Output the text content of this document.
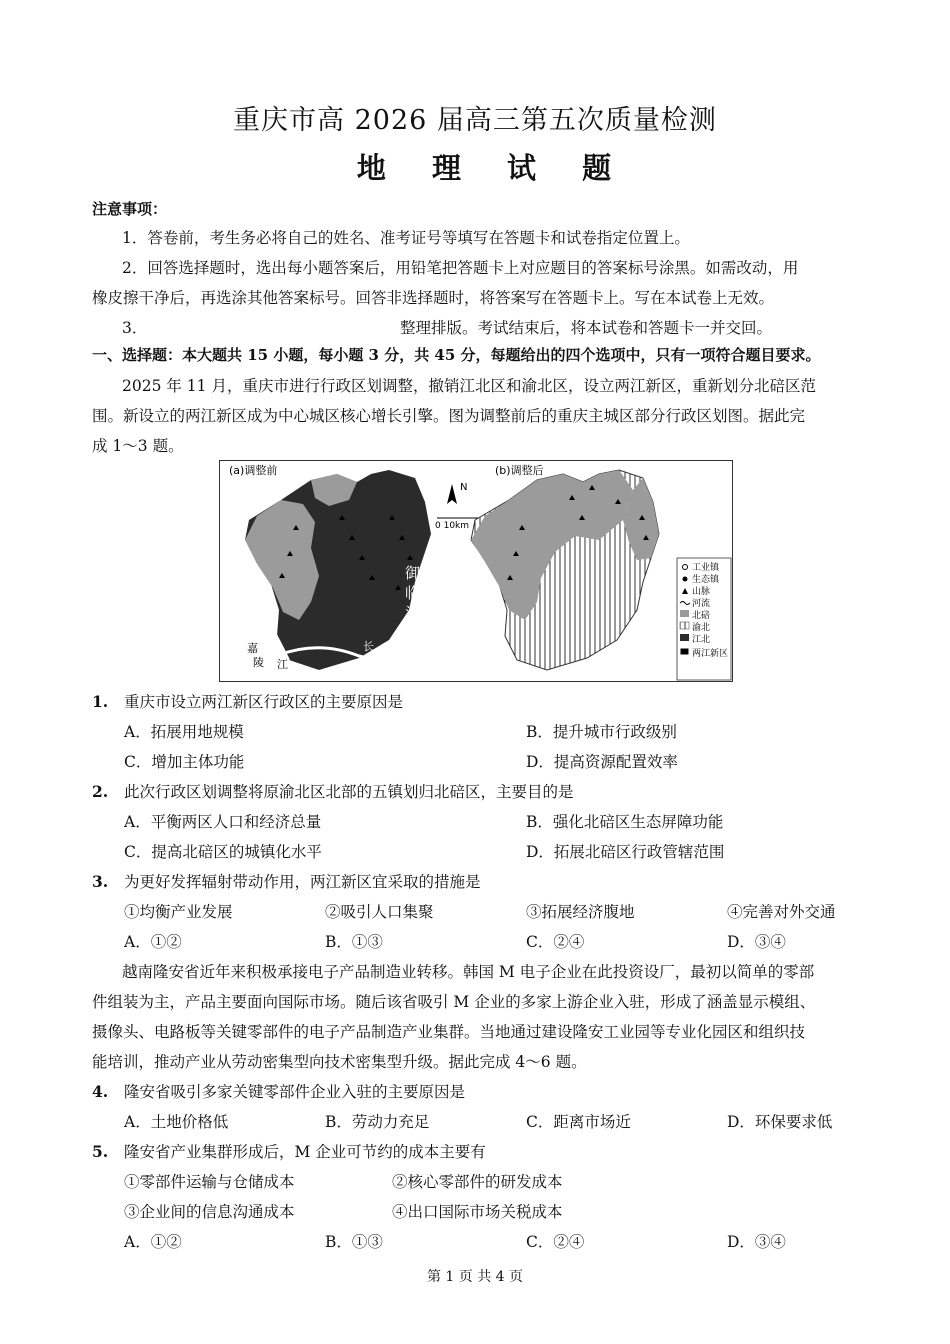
重庆市高 2026 届高三第五次质量检测
地 理 试 题
注意事项：
1．答卷前，考生务必将自己的姓名、准考证号等填写在答题卡和试卷指定位置上。
2．回答选择题时，选出每小题答案后，用铅笔把答题卡上对应题目的答案标号涂黑。如需改动，用
橡皮擦干净后，再选涂其他答案标号。回答非选择题时，将答案写在答题卡上。写在本试卷上无效。
3．	整理排版。考试结束后，将本试卷和答题卡一并交回。
一、选择题：本大题共 15 小题，每小题 3 分，共 45 分，每题给出的四个选项中，只有一项符合题目要求。
2025 年 11 月，重庆市进行行政区划调整，撤销江北区和渝北区，设立两江新区，重新划分北碚区范
围。新设立的两江新区成为中心城区核心增长引擎。图为调整前后的重庆主城区部分行政区划图。据此完
成 1～3 题。
(a)调整前
御
临
河
江
长
嘉
陵 江
N
0 10km
(b)调整后
工业镇
生态镇
山脉
河流
北碚
渝北
江北
两江新区
1. 重庆市设立两江新区行政区的主要原因是
A．拓展用地规模	B．提升城市行政级别
C．增加主体功能	D．提高资源配置效率
2. 此次行政区划调整将原渝北区北部的五镇划归北碚区，主要目的是
A．平衡两区人口和经济总量	B．强化北碚区生态屏障功能
C．提高北碚区的城镇化水平	D．拓展北碚区行政管辖范围
3. 为更好发挥辐射带动作用，两江新区宜采取的措施是
①均衡产业发展	②吸引人口集聚	③拓展经济腹地	④完善对外交通
A．①②	B．①③	C．②④	D．③④
越南隆安省近年来积极承接电子产品制造业转移。韩国 M 电子企业在此投资设厂，最初以简单的零部
件组装为主，产品主要面向国际市场。随后该省吸引 M 企业的多家上游企业入驻，形成了涵盖显示模组、
摄像头、电路板等关键零部件的电子产品制造产业集群。当地通过建设隆安工业园等专业化园区和组织技
能培训，推动产业从劳动密集型向技术密集型升级。据此完成 4～6 题。
4. 隆安省吸引多家关键零部件企业入驻的主要原因是
A．土地价格低	B．劳动力充足	C．距离市场近	D．环保要求低
5. 隆安省产业集群形成后，M 企业可节约的成本主要有
①零部件运输与仓储成本	②核心零部件的研发成本
③企业间的信息沟通成本	④出口国际市场关税成本
A．①②	B．①③	C．②④	D．③④
第 1 页 共 4 页
